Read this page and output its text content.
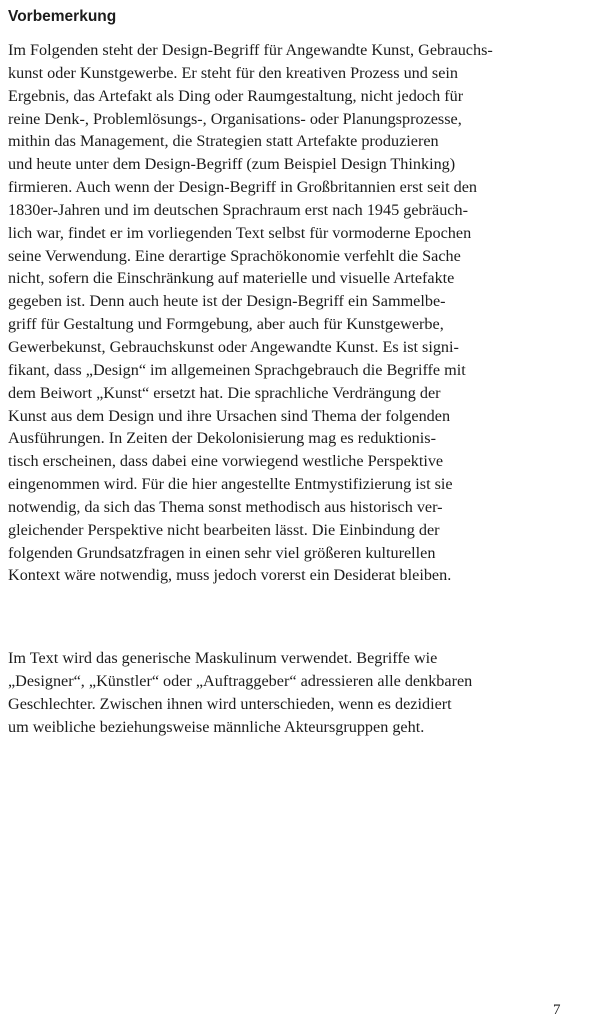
Vorbemerkung

Im Folgenden steht der Design-Begriff für Angewandte Kunst, Gebrauchs-
kunst oder Kunstgewerbe. Er steht für den kreativen Prozess und sein
Ergebnis, das Artefakt als Ding oder Raumgestaltung, nicht jedoch für
reine Denk-, Problemlösungs-, Organisations- oder Planungsprozesse,
mithin das Management, die Strategien statt Artefakte produzieren
und heute unter dem Design-Begriff (zum Beispiel Design Thinking)
firmieren. Auch wenn der Design-Begriff in Großbritannien erst seit den
1830er-Jahren und im deutschen Sprachraum erst nach 1945 gebräuch-
lich war, findet er im vorliegenden Text selbst für vormoderne Epochen
seine Verwendung. Eine derartige Sprachökonomie verfehlt die Sache
nicht, sofern die Einschränkung auf materielle und visuelle Artefakte
gegeben ist. Denn auch heute ist der Design-Begriff ein Sammelbe-
griff für Gestaltung und Formgebung, aber auch für Kunstgewerbe,
Gewerbekunst, Gebrauchskunst oder Angewandte Kunst. Es ist signi-
fikant, dass „Design“ im allgemeinen Sprachgebrauch die Begriffe mit
dem Beiwort „Kunst“ ersetzt hat. Die sprachliche Verdrängung der
Kunst aus dem Design und ihre Ursachen sind Thema der folgenden
Ausführungen. In Zeiten der Dekolonisierung mag es reduktionis-
tisch erscheinen, dass dabei eine vorwiegend westliche Perspektive
eingenommen wird. Für die hier angestellte Entmystifizierung ist sie
notwendig, da sich das Thema sonst methodisch aus historisch ver-
gleichender Perspektive nicht bearbeiten lässt. Die Einbindung der
folgenden Grundsatzfragen in einen sehr viel größeren kulturellen
Kontext wäre notwendig, muss jedoch vorerst ein Desiderat bleiben.

Im Text wird das generische Maskulinum verwendet. Begriffe wie
„Designer“, „Künstler“ oder „Auftraggeber“ adressieren alle denkbaren
Geschlechter. Zwischen ihnen wird unterschieden, wenn es dezidiert
um weibliche beziehungsweise männliche Akteursgruppen geht.

7
